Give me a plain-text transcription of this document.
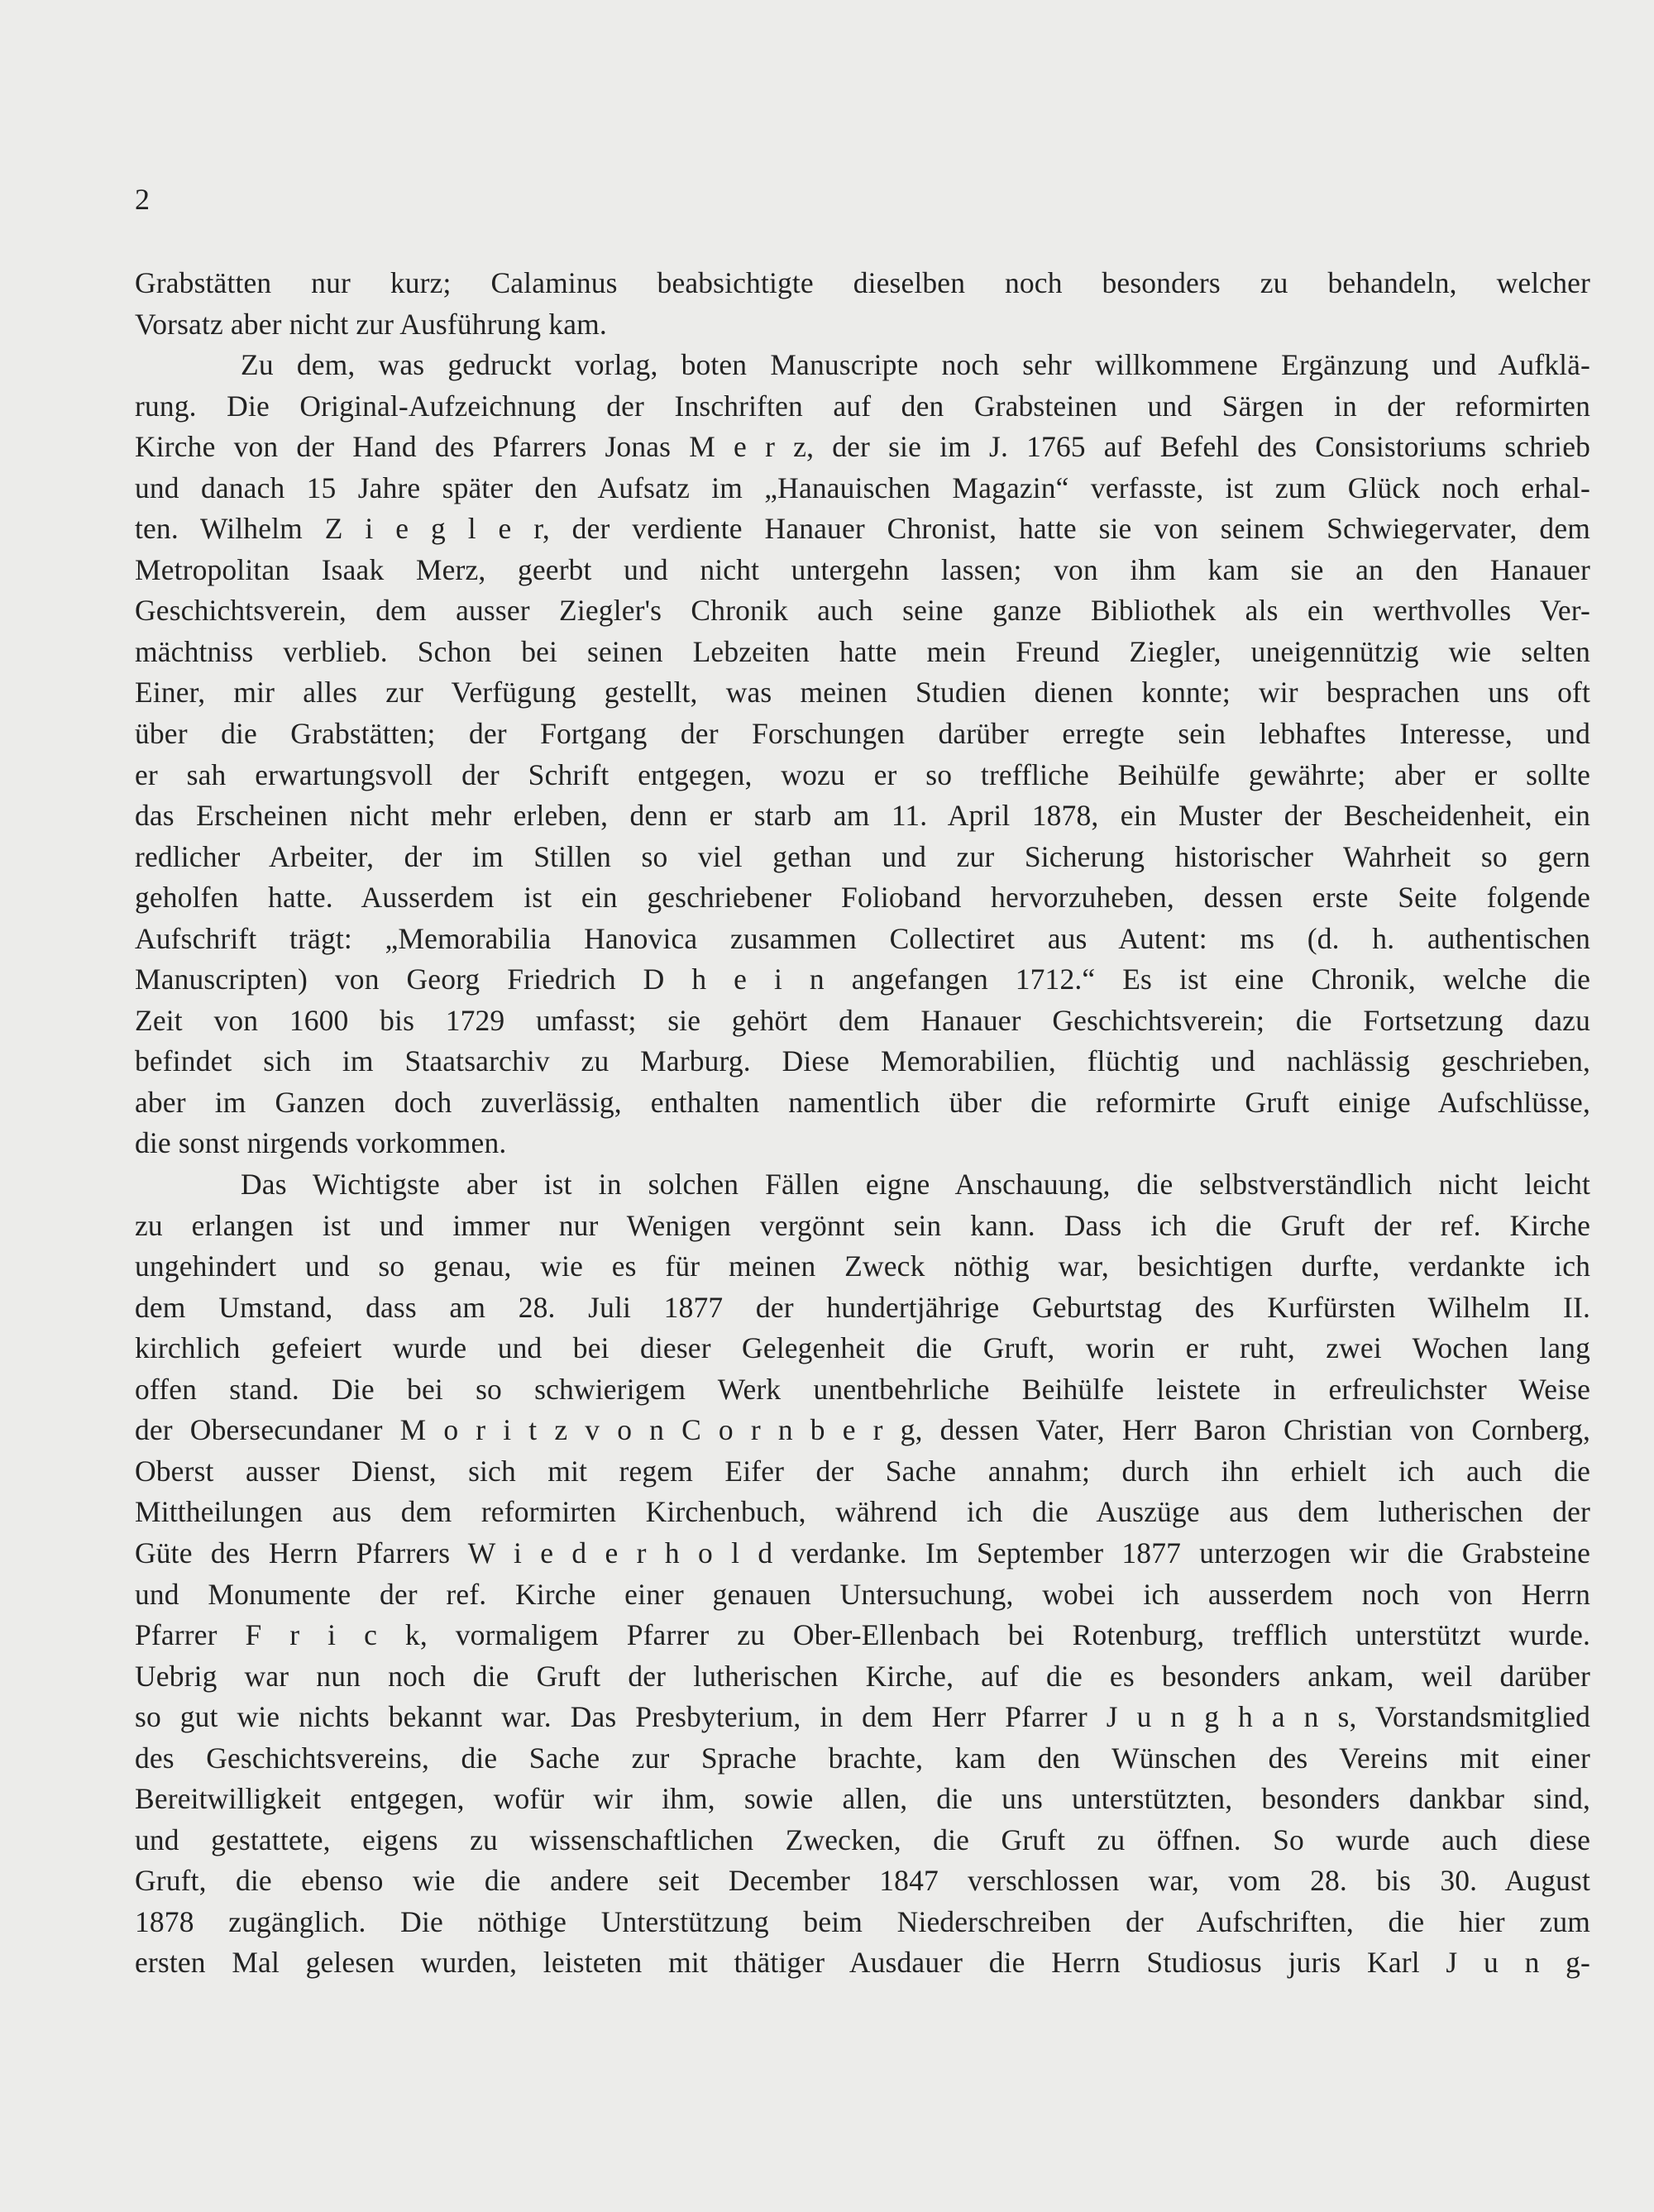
2
Grabstätten nur kurz; Calaminus beabsichtigte dieselben noch besonders zu behandeln, welcher
Vorsatz aber nicht zur Ausführung kam.
Zu dem, was gedruckt vorlag, boten Manuscripte noch sehr willkommene Ergänzung und Aufklä-
rung. Die Original-Aufzeichnung der Inschriften auf den Grabsteinen und Särgen in der reformirten
Kirche von der Hand des Pfarrers Jonas M e r z, der sie im J. 1765 auf Befehl des Consistoriums schrieb
und danach 15 Jahre später den Aufsatz im „Hanauischen Magazin“ verfasste, ist zum Glück noch erhal-
ten. Wilhelm Z i e g l e r, der verdiente Hanauer Chronist, hatte sie von seinem Schwiegervater, dem
Metropolitan Isaak Merz, geerbt und nicht untergehn lassen; von ihm kam sie an den Hanauer
Geschichtsverein, dem ausser Ziegler's Chronik auch seine ganze Bibliothek als ein werthvolles Ver-
mächtniss verblieb. Schon bei seinen Lebzeiten hatte mein Freund Ziegler, uneigennützig wie selten
Einer, mir alles zur Verfügung gestellt, was meinen Studien dienen konnte; wir besprachen uns oft
über die Grabstätten; der Fortgang der Forschungen darüber erregte sein lebhaftes Interesse, und
er sah erwartungsvoll der Schrift entgegen, wozu er so treffliche Beihülfe gewährte; aber er sollte
das Erscheinen nicht mehr erleben, denn er starb am 11. April 1878, ein Muster der Bescheidenheit, ein
redlicher Arbeiter, der im Stillen so viel gethan und zur Sicherung historischer Wahrheit so gern
geholfen hatte. Ausserdem ist ein geschriebener Folioband hervorzuheben, dessen erste Seite folgende
Aufschrift trägt: „Memorabilia Hanovica zusammen Collectiret aus Autent: ms (d. h. authentischen
Manuscripten) von Georg Friedrich D h e i n angefangen 1712.“ Es ist eine Chronik, welche die
Zeit von 1600 bis 1729 umfasst; sie gehört dem Hanauer Geschichtsverein; die Fortsetzung dazu
befindet sich im Staatsarchiv zu Marburg. Diese Memorabilien, flüchtig und nachlässig geschrieben,
aber im Ganzen doch zuverlässig, enthalten namentlich über die reformirte Gruft einige Aufschlüsse,
die sonst nirgends vorkommen.
Das Wichtigste aber ist in solchen Fällen eigne Anschauung, die selbstverständlich nicht leicht
zu erlangen ist und immer nur Wenigen vergönnt sein kann. Dass ich die Gruft der ref. Kirche
ungehindert und so genau, wie es für meinen Zweck nöthig war, besichtigen durfte, verdankte ich
dem Umstand, dass am 28. Juli 1877 der hundertjährige Geburtstag des Kurfürsten Wilhelm II.
kirchlich gefeiert wurde und bei dieser Gelegenheit die Gruft, worin er ruht, zwei Wochen lang
offen stand. Die bei so schwierigem Werk unentbehrliche Beihülfe leistete in erfreulichster Weise
der Obersecundaner M o r i t z v o n C o r n b e r g, dessen Vater, Herr Baron Christian von Cornberg,
Oberst ausser Dienst, sich mit regem Eifer der Sache annahm; durch ihn erhielt ich auch die
Mittheilungen aus dem reformirten Kirchenbuch, während ich die Auszüge aus dem lutherischen der
Güte des Herrn Pfarrers W i e d e r h o l d verdanke. Im September 1877 unterzogen wir die Grabsteine
und Monumente der ref. Kirche einer genauen Untersuchung, wobei ich ausserdem noch von Herrn
Pfarrer F r i c k, vormaligem Pfarrer zu Ober-Ellenbach bei Rotenburg, trefflich unterstützt wurde.
Uebrig war nun noch die Gruft der lutherischen Kirche, auf die es besonders ankam, weil darüber
so gut wie nichts bekannt war. Das Presbyterium, in dem Herr Pfarrer J u n g h a n s, Vorstandsmitglied
des Geschichtsvereins, die Sache zur Sprache brachte, kam den Wünschen des Vereins mit einer
Bereitwilligkeit entgegen, wofür wir ihm, sowie allen, die uns unterstützten, besonders dankbar sind,
und gestattete, eigens zu wissenschaftlichen Zwecken, die Gruft zu öffnen. So wurde auch diese
Gruft, die ebenso wie die andere seit December 1847 verschlossen war, vom 28. bis 30. August
1878 zugänglich. Die nöthige Unterstützung beim Niederschreiben der Aufschriften, die hier zum
ersten Mal gelesen wurden, leisteten mit thätiger Ausdauer die Herrn Studiosus juris Karl J u n g-
